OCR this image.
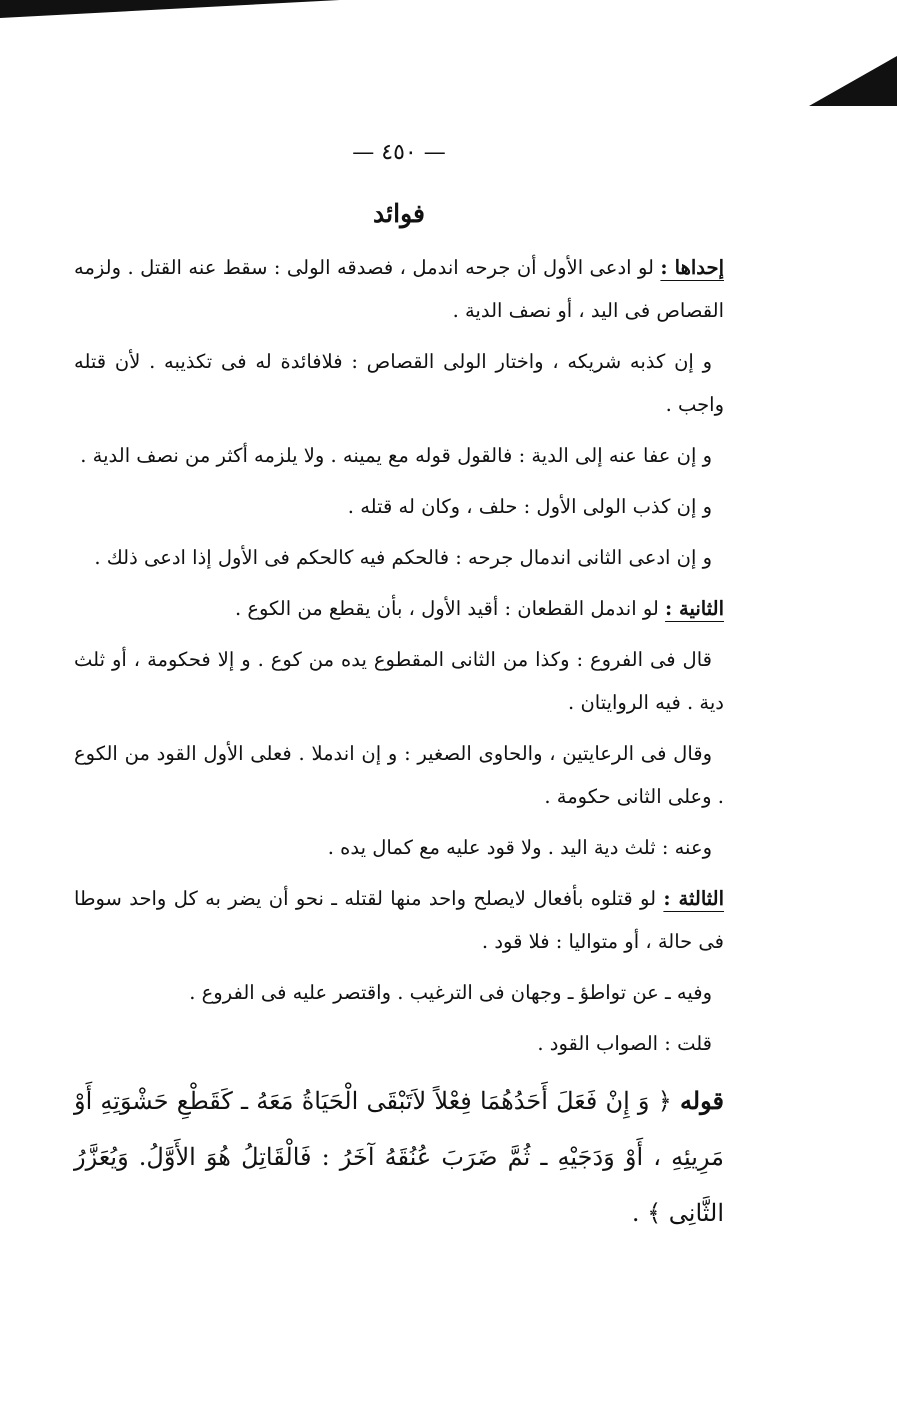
— ٤٥٠ —
فوائد

إحداها : لو ادعى الأول أن جرحه اندمل ، فصدقه الولى : سقط عنه القتل . ولزمه القصاص فى اليد ، أو نصف الدية .

و إن كذبه شريكه ، واختار الولى القصاص : فلافائدة له فى تكذيبه . لأن قتله واجب .

و إن عفا عنه إلى الدية : فالقول قوله مع يمينه . ولا يلزمه أكثر من نصف الدية .

و إن كذب الولى الأول : حلف ، وكان له قتله .

و إن ادعى الثانى اندمال جرحه : فالحكم فيه كالحكم فى الأول إذا ادعى ذلك .

الثانية : لو اندمل القطعان : أقيد الأول ، بأن يقطع من الكوع .

قال فى الفروع : وكذا من الثانى المقطوع يده من كوع . و إلا فحكومة ، أو ثلث دية . فيه الروايتان .

وقال فى الرعايتين ، والحاوى الصغير : و إن اندملا . فعلى الأول القود من الكوع . وعلى الثانى حكومة .

وعنه : ثلث دية اليد . ولا قود عليه مع كمال يده .

الثالثة : لو قتلوه بأفعال لايصلح واحد منها لقتله ـ نحو أن يضر به كل واحد سوطا فى حالة ، أو متواليا : فلا قود .

وفيه ـ عن تواطؤ ـ وجهان فى الترغيب . واقتصر عليه فى الفروع .

قلت : الصواب القود .

قوله ﴿ وَ إِنْ فَعَلَ أَحَدُهُمَا فِعْلاً لاَتَبْقَى الْحَيَاةُ مَعَهُ ـ كَقَطْعِ حَشْوَتِهِ أَوْ مَرِيئِهِ ، أَوْ وَدَجَيْهِ ـ ثُمَّ ضَرَبَ عُنُقَهُ آخَرُ : فَالْقَاتِلُ هُوَ الأَوَّلُ. وَيُعَزَّرُ الثَّانِى ﴾ .
